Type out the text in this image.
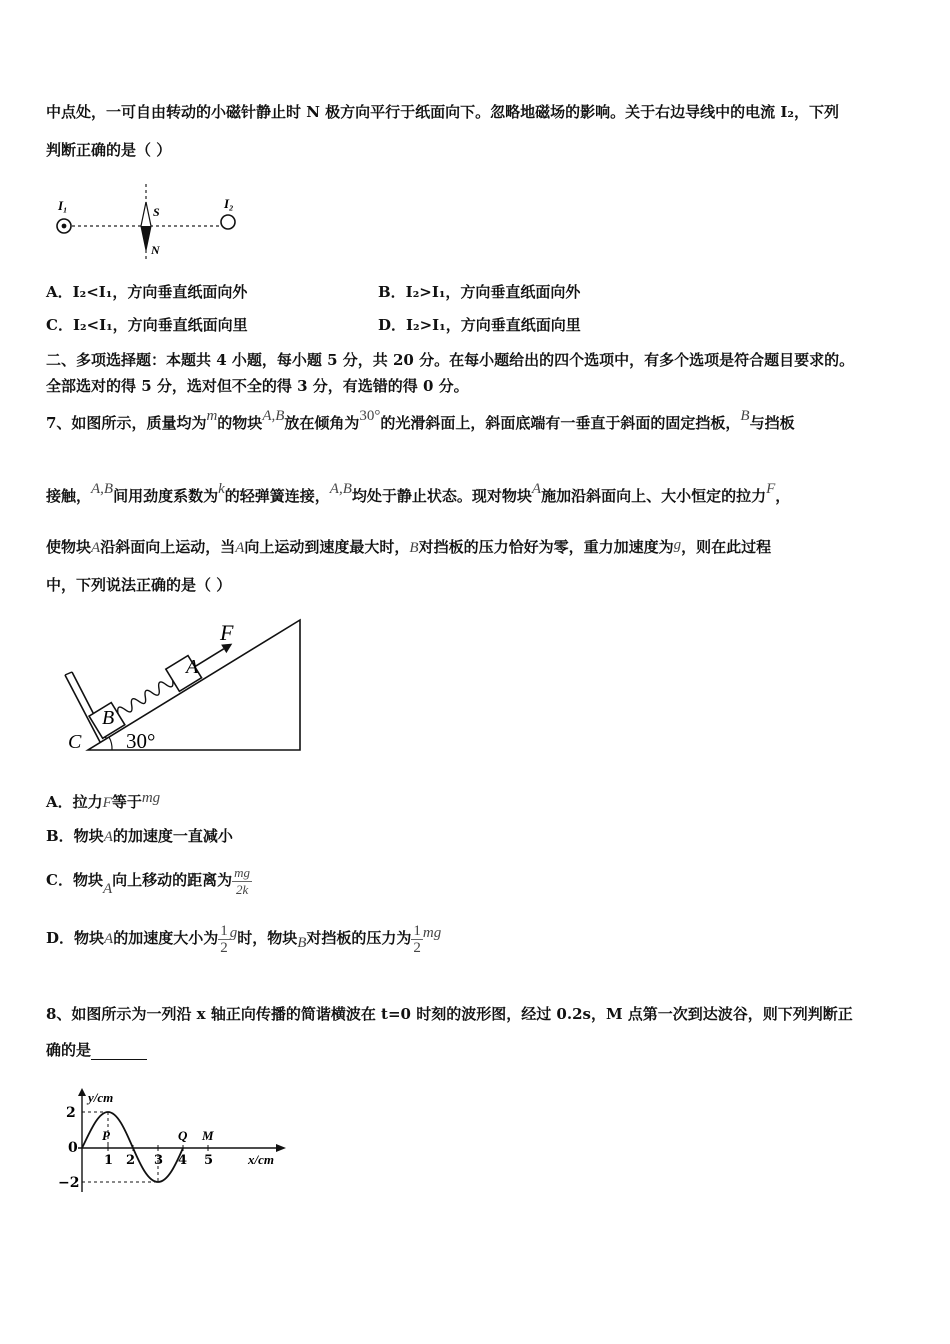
中点处，一可自由转动的小磁针静止时 N 极方向平行于纸面向下。忽略地磁场的影响。关于右边导线中的电流 I₂，下列
判断正确的是（ ）
I₁	I₂
S
N
A．I₂<I₁，方向垂直纸面向外	B．I₂>I₁，方向垂直纸面向外
C．I₂<I₁，方向垂直纸面向里	D．I₂>I₁，方向垂直纸面向里
二、多项选择题：本题共 4 小题，每小题 5 分，共 20 分。在每小题给出的四个选项中，有多个选项是符合题目要求的。
全部选对的得 5 分，选对但不全的得 3 分，有选错的得 0 分。
7、如图所示，质量均为m的物块A,B放在倾角为30°的光滑斜面上，斜面底端有一垂直于斜面的固定挡板，B与挡板
接触，A,B间用劲度系数为k的轻弹簧连接，A,B均处于静止状态。现对物块A施加沿斜面向上、大小恒定的拉力F，
使物块A沿斜面向上运动，当A向上运动到速度最大时，B对挡板的压力恰好为零，重力加速度为g，则在此过程
中，下列说法正确的是（ ）
F
A
B
C 30°
A．拉力F等于mg
B．物块A的加速度一直减小
C．物块A向上移动的距离为 $\frac{mg}{2k}$
D．物块A的加速度大小为 $\frac{1}{2}$ g时，物块B对挡板的压力为 $\frac{1}{2}$ mg
8、如图所示为一列沿 x 轴正向传播的简谐横波在 t=0 时刻的波形图，经过 0.2s，M 点第一次到达波谷，则下列判断正
确的是
y/cm
x/cm
2
0
−2
1 2 3 4 5
P	Q M
